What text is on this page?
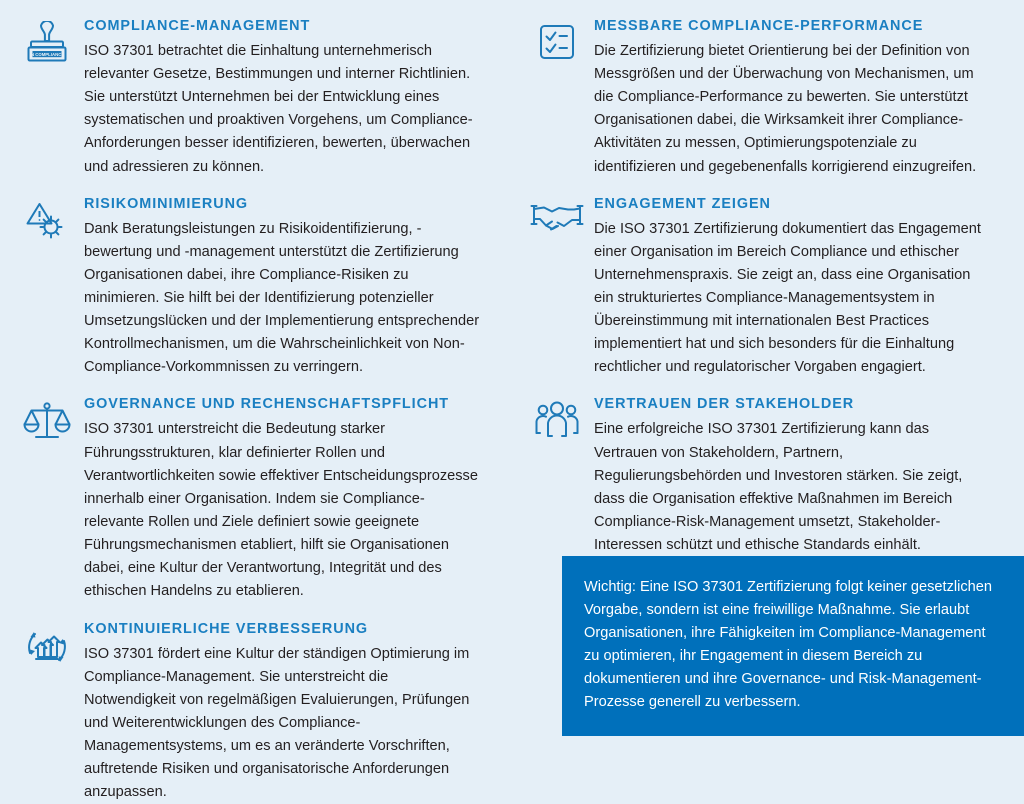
IN COMPLIANCE
COMPLIANCE-MANAGEMENT

ISO 37301 betrachtet die Einhaltung unternehmerisch relevanter Gesetze, Bestimmungen und interner Richtlinien. Sie unterstützt Unternehmen bei der Entwicklung eines systematischen und proaktiven Vorgehens, um Compliance-Anforderungen besser identifizieren, bewerten, überwachen und adressieren zu können.

RISIKOMINIMIERUNG

Dank Beratungsleistungen zu Risikoidentifizierung, -bewertung und -management unterstützt die Zertifizierung Organisationen dabei, ihre Compliance-Risiken zu minimieren. Sie hilft bei der Identifizierung potenzieller Umsetzungslücken und der Implementierung entsprechender Kontrollmechanismen, um die Wahrscheinlichkeit von Non-Compliance-Vorkommnissen zu verringern.

GOVERNANCE UND RECHENSCHAFTSPFLICHT

ISO 37301 unterstreicht die Bedeutung starker Führungsstrukturen, klar definierter Rollen und Verantwortlichkeiten sowie effektiver Entscheidungsprozesse innerhalb einer Organisation. Indem sie Compliance-relevante Rollen und Ziele definiert sowie geeignete Führungsmechanismen etabliert, hilft sie Organisationen dabei, eine Kultur der Verantwortung, Integrität und des ethischen Handelns zu etablieren.

KONTINUIERLICHE VERBESSERUNG

ISO 37301 fördert eine Kultur der ständigen Optimierung im Compliance-Management. Sie unterstreicht die Notwendigkeit von regelmäßigen Evaluierungen, Prüfungen und Weiterentwicklungen des Compliance-Managementsystems, um es an veränderte Vorschriften, auftretende Risiken und organisatorische Anforderungen anzupassen.

MESSBARE COMPLIANCE-PERFORMANCE

Die Zertifizierung bietet Orientierung bei der Definition von Messgrößen und der Überwachung von Mechanismen, um die Compliance-Performance zu bewerten. Sie unterstützt Organisationen dabei, die Wirksamkeit ihrer Compliance-Aktivitäten zu messen, Optimierungspotenziale zu identifizieren und gegebenenfalls korrigierend einzugreifen.

ENGAGEMENT ZEIGEN

Die ISO 37301 Zertifizierung dokumentiert das Engagement einer Organisation im Bereich Compliance und ethischer Unternehmenspraxis. Sie zeigt an, dass eine Organisation ein strukturiertes Compliance-Managementsystem in Übereinstimmung mit internationalen Best Practices implementiert hat und sich besonders für die Einhaltung rechtlicher und regulatorischer Vorgaben engagiert.

VERTRAUEN DER STAKEHOLDER

Eine erfolgreiche ISO 37301 Zertifizierung kann das Vertrauen von Stakeholdern, Partnern, Regulierungsbehörden und Investoren stärken. Sie zeigt, dass die Organisation effektive Maßnahmen im Bereich Compliance-Risk-Management umsetzt, Stakeholder-Interessen schützt und ethische Standards einhält.

Wichtig: Eine ISO 37301 Zertifizierung folgt keiner gesetzlichen Vorgabe, sondern ist eine freiwillige Maßnahme. Sie erlaubt Organisationen, ihre Fähigkeiten im Compliance-Management zu optimieren, ihr Engagement in diesem Bereich zu dokumentieren und ihre Governance- und Risk-Management-Prozesse generell zu verbessern.
